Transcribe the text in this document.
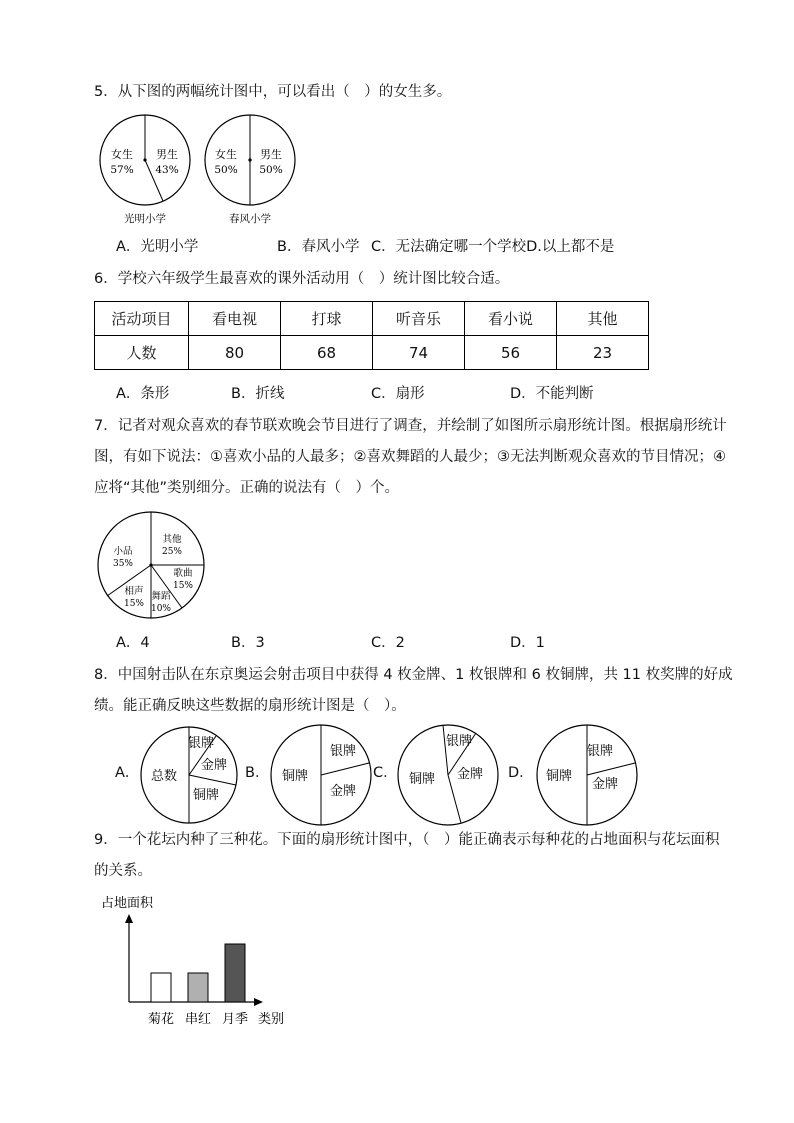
5．从下图的两幅统计图中，可以看出（　）的女生多。
女生
57%
男生
43%
光明小学
女生
50%
男生
50%
春风小学
A．光明小学	B．春风小学 C．无法确定哪一个学校D.以上都不是
6．学校六年级学生最喜欢的课外活动用（　）统计图比较合适。
活动项目	看电视	打球	听音乐	看小说	其他
人数	80	68	74	56	23
A．条形	B．折线	C．扇形	D．不能判断
7．记者对观众喜欢的春节联欢晚会节目进行了调查，并绘制了如图所示扇形统计图。根据扇形统计
图，有如下说法：①喜欢小品的人最多；②喜欢舞蹈的人最少；③无法判断观众喜欢的节目情况；④
应将“其他”类别细分。正确的说法有（　）个。
小品
35%
其他
25%
歌曲
15%
舞蹈
10%
相声
15%
A．4	B．3	C．2	D．1
8．中国射击队在东京奥运会射击项目中获得 4 枚金牌、1 枚银牌和 6 枚铜牌，共 11 枚奖牌的好成
绩。能正确反映这些数据的扇形统计图是（　）。
A． 总数
银牌
金牌
铜牌
B． 铜牌
银牌
金牌
C． 铜牌
银牌
金牌 D． 铜牌
银牌
金牌
9．一个花坛内种了三种花。下面的扇形统计图中，（　）能正确表示每种花的占地面积与花坛面积
的关系。
占地面积
类别
菊花 串红 月季
